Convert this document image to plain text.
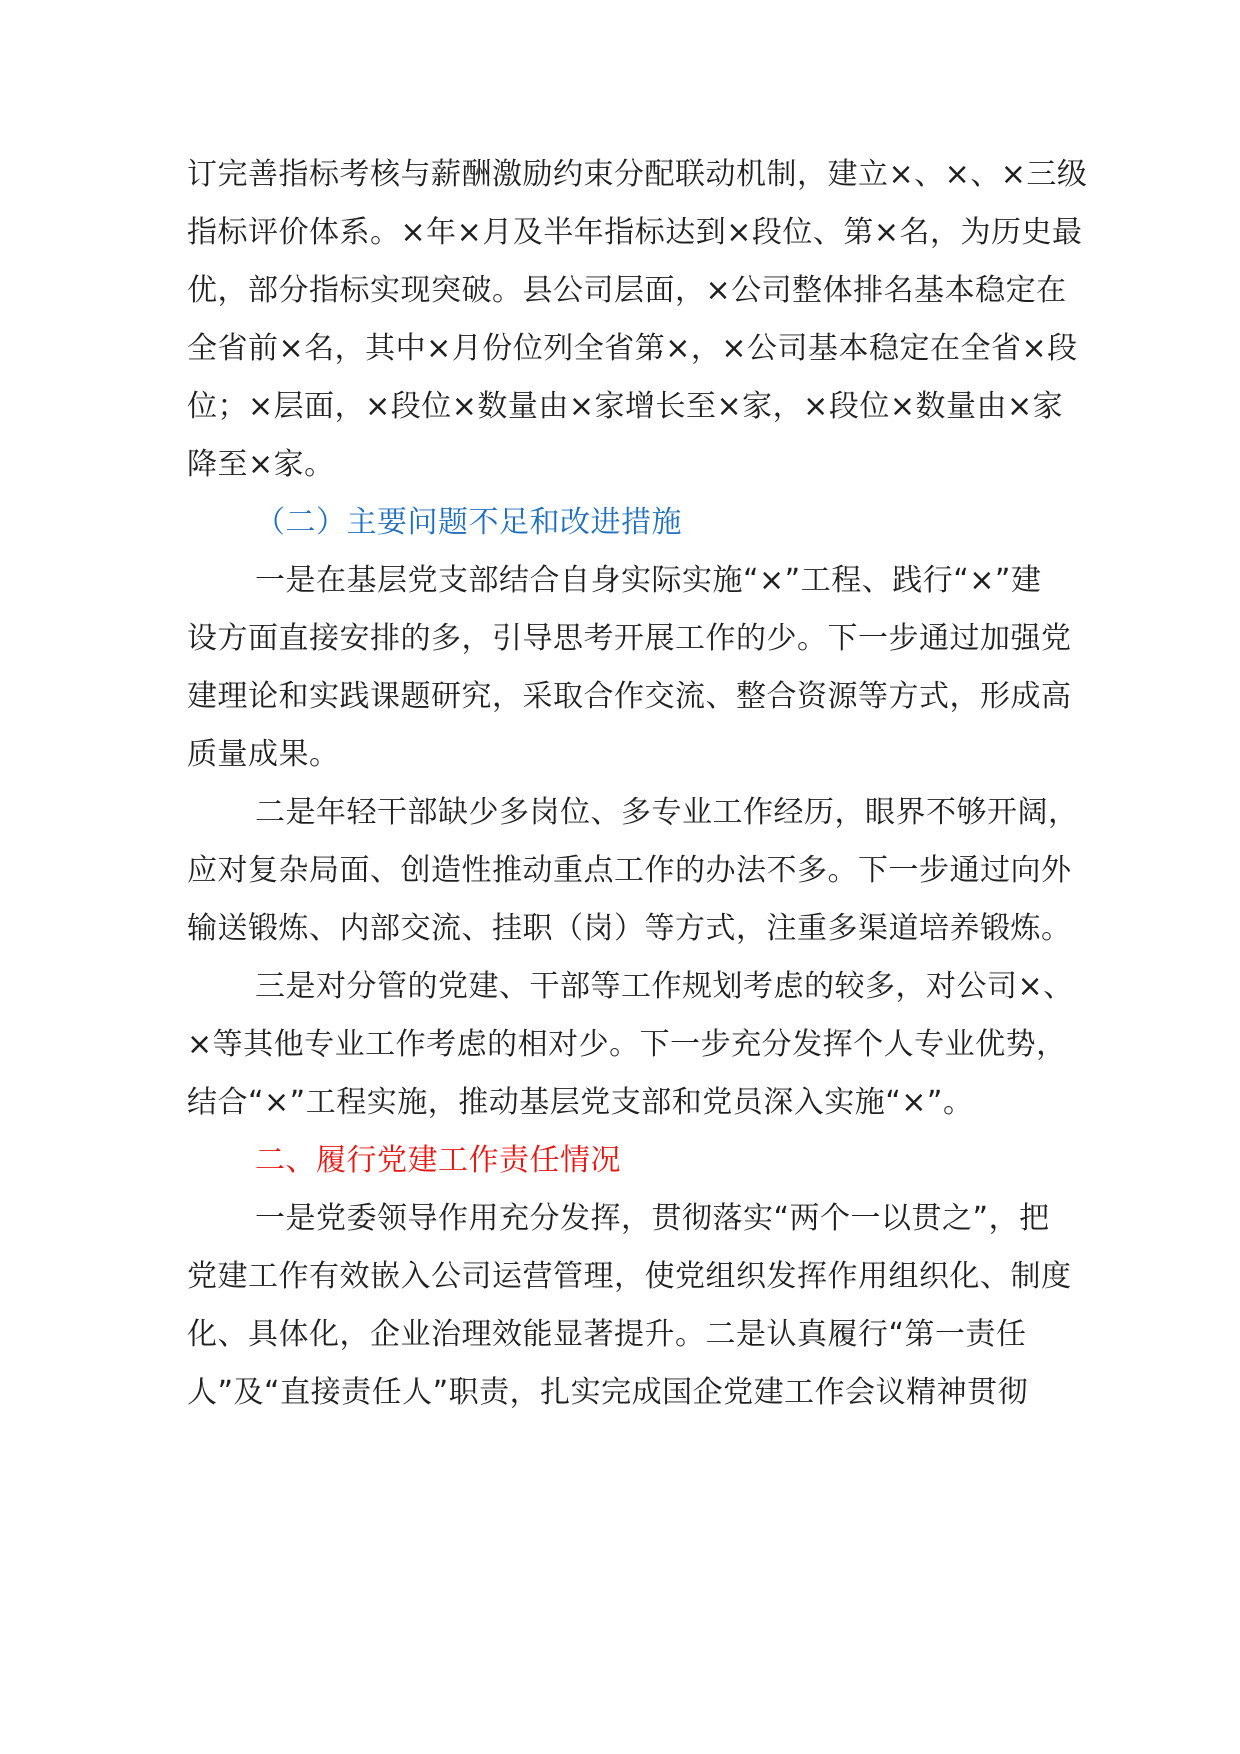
订完善指标考核与薪酬激励约束分配联动机制，建立×、×、×三级

指标评价体系。×年×月及半年指标达到×段位、第×名，为历史最

优，部分指标实现突破。县公司层面，×公司整体排名基本稳定在

全省前×名，其中×月份位列全省第×，×公司基本稳定在全省×段

位；×层面，×段位×数量由×家增长至×家，×段位×数量由×家

降至×家。

（二）主要问题不足和改进措施

一是在基层党支部结合自身实际实施“×”工程、践行“×”建

设方面直接安排的多，引导思考开展工作的少。下一步通过加强党

建理论和实践课题研究，采取合作交流、整合资源等方式，形成高

质量成果。

二是年轻干部缺少多岗位、多专业工作经历，眼界不够开阔，

应对复杂局面、创造性推动重点工作的办法不多。下一步通过向外

输送锻炼、内部交流、挂职（岗）等方式，注重多渠道培养锻炼。

三是对分管的党建、干部等工作规划考虑的较多，对公司×、

×等其他专业工作考虑的相对少。下一步充分发挥个人专业优势，

结合“×”工程实施，推动基层党支部和党员深入实施“×”。

二、履行党建工作责任情况

一是党委领导作用充分发挥，贯彻落实“两个一以贯之”，把

党建工作有效嵌入公司运营管理，使党组织发挥作用组织化、制度

化、具体化，企业治理效能显著提升。二是认真履行“第一责任

人”及“直接责任人”职责，扎实完成国企党建工作会议精神贯彻
